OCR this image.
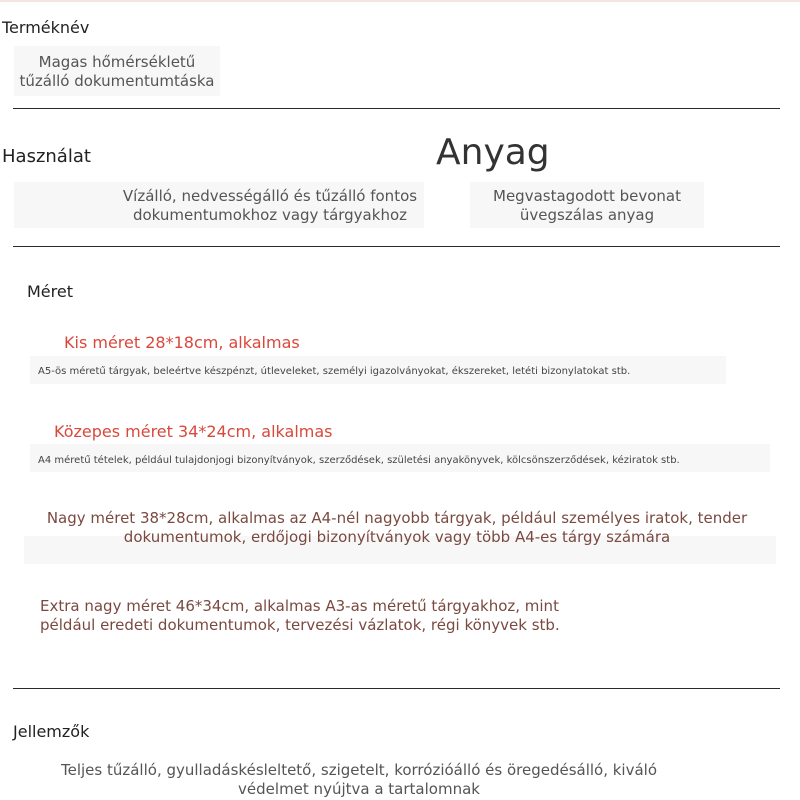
Terméknév
Magas hőmérsékletű
tűzálló dokumentumtáska
Használat
Vízálló, nedvességálló és tűzálló fontos
dokumentumokhoz vagy tárgyakhoz
Anyag
Megvastagodott bevonat
üvegszálas anyag
Méret
Kis méret 28*18cm, alkalmas
A5-ös méretű tárgyak, beleértve készpénzt, útleveleket, személyi igazolványokat, ékszereket, letéti bizonylatokat stb.
Közepes méret 34*24cm, alkalmas
A4 méretű tételek, például tulajdonjogi bizonyítványok, szerződések, születési anyakönyvek, kölcsönszerződések, kéziratok stb.
Nagy méret 38*28cm, alkalmas az A4-nél nagyobb tárgyak, például személyes iratok, tender
dokumentumok, erdőjogi bizonyítványok vagy több A4-es tárgy számára
Extra nagy méret 46*34cm, alkalmas A3-as méretű tárgyakhoz, mint
például eredeti dokumentumok, tervezési vázlatok, régi könyvek stb.
Jellemzők
Teljes tűzálló, gyulladáskésleltető, szigetelt, korrózióálló és öregedésálló, kiváló
védelmet nyújtva a tartalomnak
